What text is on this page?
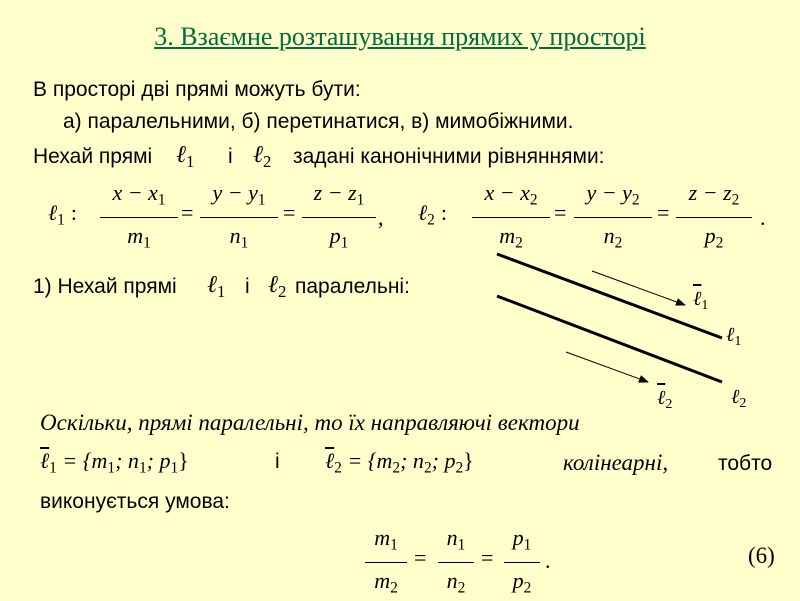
3. Взаємне розташування прямих у просторі
В просторі дві прямі можуть бути:
а) паралельними, б) перетинатися, в) мимобіжними.
Нехай прямі ℓ$_1$ і ℓ$_2$ задані канонічними рівняннями:
ℓ$_1$ :
$x - x_1$
$m_1$
=
$y - y_1$
$n_1$
=
$z - z_1$
$p_1$
, ℓ$_2$ :
$x - x_2$
$m_2$
=
$y - y_2$
$n_2$
=
$z - z_2$
$p_2$
.
1) Нехай прямі ℓ$_1$ і ℓ$_2$ паралельні:	ℓ$_1$
ℓ$_1$
ℓ$_2$	ℓ$_2$
Оскільки, прямі паралельні, то їх направляючі вектори
ℓ$_1$ = {$m_1$; $n_1$; $p_1$}	і ℓ$_2$ = {$m_2$; $n_2$; $p_2$}	колінеарні, тобто
виконується умова:
$m_1$
$m_2$
=
$n_1$
$n_2$
=
$p_1$
$p_2$
.	(6)
